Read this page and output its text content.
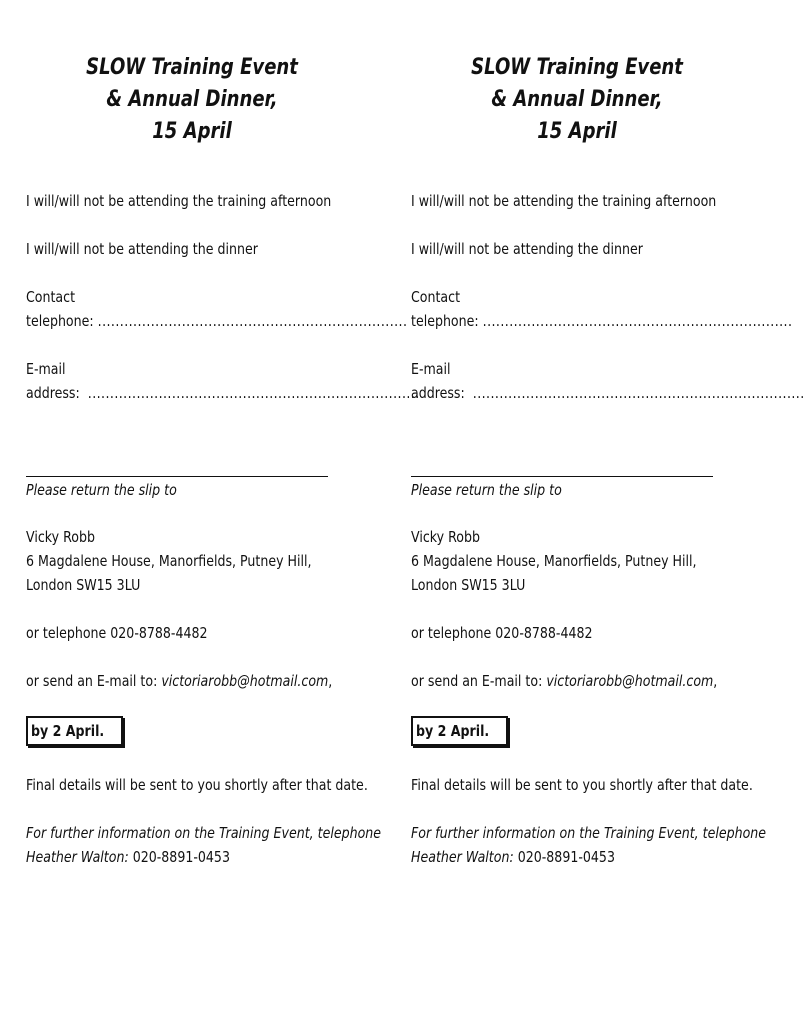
SLOW Training Event
& Annual Dinner,
15 April
I will/will not be attending the training afternoon
I will/will not be attending the dinner
Contact
telephone: ......................................................................
E-mail
address: ...........................................................................
Please return the slip to
Vicky Robb
6 Magdalene House, Manorfields, Putney Hill,
London SW15 3LU
or telephone 020-8788-4482
or send an E-mail to: victoriarobb@hotmail.com,
by 2 April.
Final details will be sent to you shortly after that date.
For further information on the Training Event, telephone
Heather Walton: 020-8891-0453
SLOW Training Event
& Annual Dinner,
15 April
I will/will not be attending the training afternoon
I will/will not be attending the dinner
Contact
telephone: ......................................................................
E-mail
address: ...........................................................................
Please return the slip to
Vicky Robb
6 Magdalene House, Manorfields, Putney Hill,
London SW15 3LU
or telephone 020-8788-4482
or send an E-mail to: victoriarobb@hotmail.com,
by 2 April.
Final details will be sent to you shortly after that date.
For further information on the Training Event, telephone
Heather Walton: 020-8891-0453
